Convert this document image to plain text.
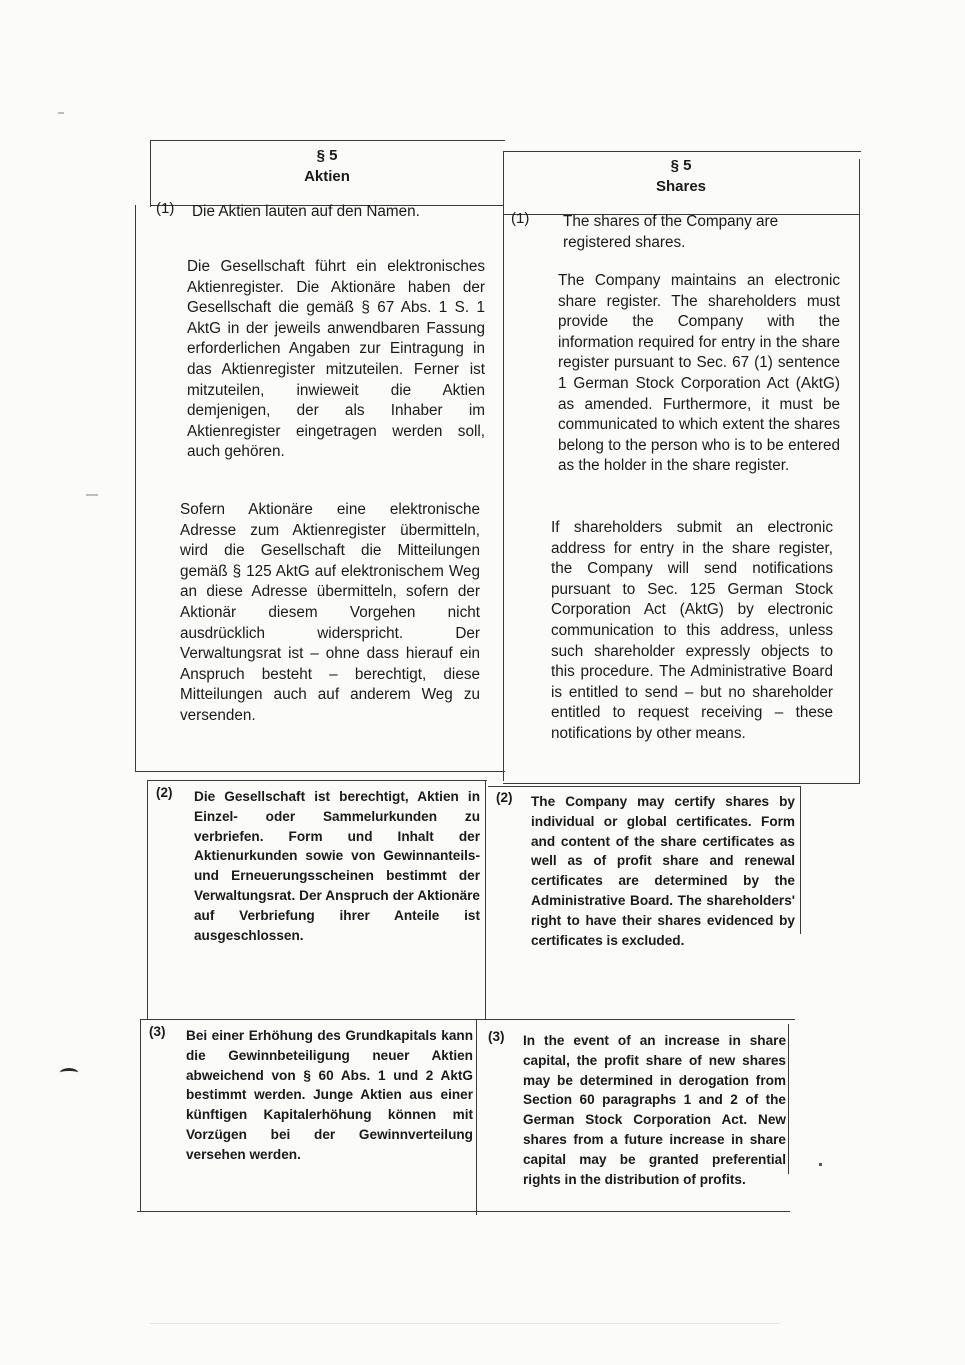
§ 5
Aktien
§ 5
Shares
(1) Die Aktien lauten auf den Namen.
Die Gesellschaft führt ein elektronisches Aktienregister. Die Aktionäre haben der Gesellschaft die gemäß § 67 Abs. 1 S. 1 AktG in der jeweils anwendbaren Fassung erforderlichen Angaben zur Eintragung in das Aktienregister mitzuteilen. Ferner ist mitzuteilen, inwieweit die Aktien demjenigen, der als Inhaber im Aktienregister eingetragen werden soll, auch gehören.
Sofern Aktionäre eine elektronische Adresse zum Aktienregister übermitteln, wird die Gesellschaft die Mitteilungen gemäß § 125 AktG auf elektronischem Weg an diese Adresse übermitteln, sofern der Aktionär diesem Vorgehen nicht ausdrücklich widerspricht. Der Verwaltungsrat ist – ohne dass hierauf ein Anspruch besteht – berechtigt, diese Mitteilungen auch auf anderem Weg zu versenden.
(1) The shares of the Company are registered shares.
The Company maintains an electronic share register. The shareholders must provide the Company with the information required for entry in the share register pursuant to Sec. 67 (1) sentence 1 German Stock Corporation Act (AktG) as amended. Furthermore, it must be communicated to which extent the shares belong to the person who is to be entered as the holder in the share register.
If shareholders submit an electronic address for entry in the share register, the Company will send notifications pursuant to Sec. 125 German Stock Corporation Act (AktG) by electronic communication to this address, unless such shareholder expressly objects to this procedure. The Administrative Board is entitled to send – but no shareholder entitled to request receiving – these notifications by other means.
(2) Die Gesellschaft ist berechtigt, Aktien in Einzel- oder Sammelurkunden zu verbriefen. Form und Inhalt der Aktienurkunden sowie von Gewinnanteils- und Erneuerungsscheinen bestimmt der Verwaltungsrat. Der Anspruch der Aktionäre auf Verbriefung ihrer Anteile ist ausgeschlossen.
(2) The Company may certify shares by individual or global certificates. Form and content of the share certificates as well as of profit share and renewal certificates are determined by the Administrative Board. The shareholders' right to have their shares evidenced by certificates is excluded.
(3) Bei einer Erhöhung des Grundkapitals kann die Gewinnbeteiligung neuer Aktien abweichend von § 60 Abs. 1 und 2 AktG bestimmt werden. Junge Aktien aus einer künftigen Kapitalerhöhung können mit Vorzügen bei der Gewinnverteilung versehen werden.
(3) In the event of an increase in share capital, the profit share of new shares may be determined in derogation from Section 60 paragraphs 1 and 2 of the German Stock Corporation Act. New shares from a future increase in share capital may be granted preferential rights in the distribution of profits.
